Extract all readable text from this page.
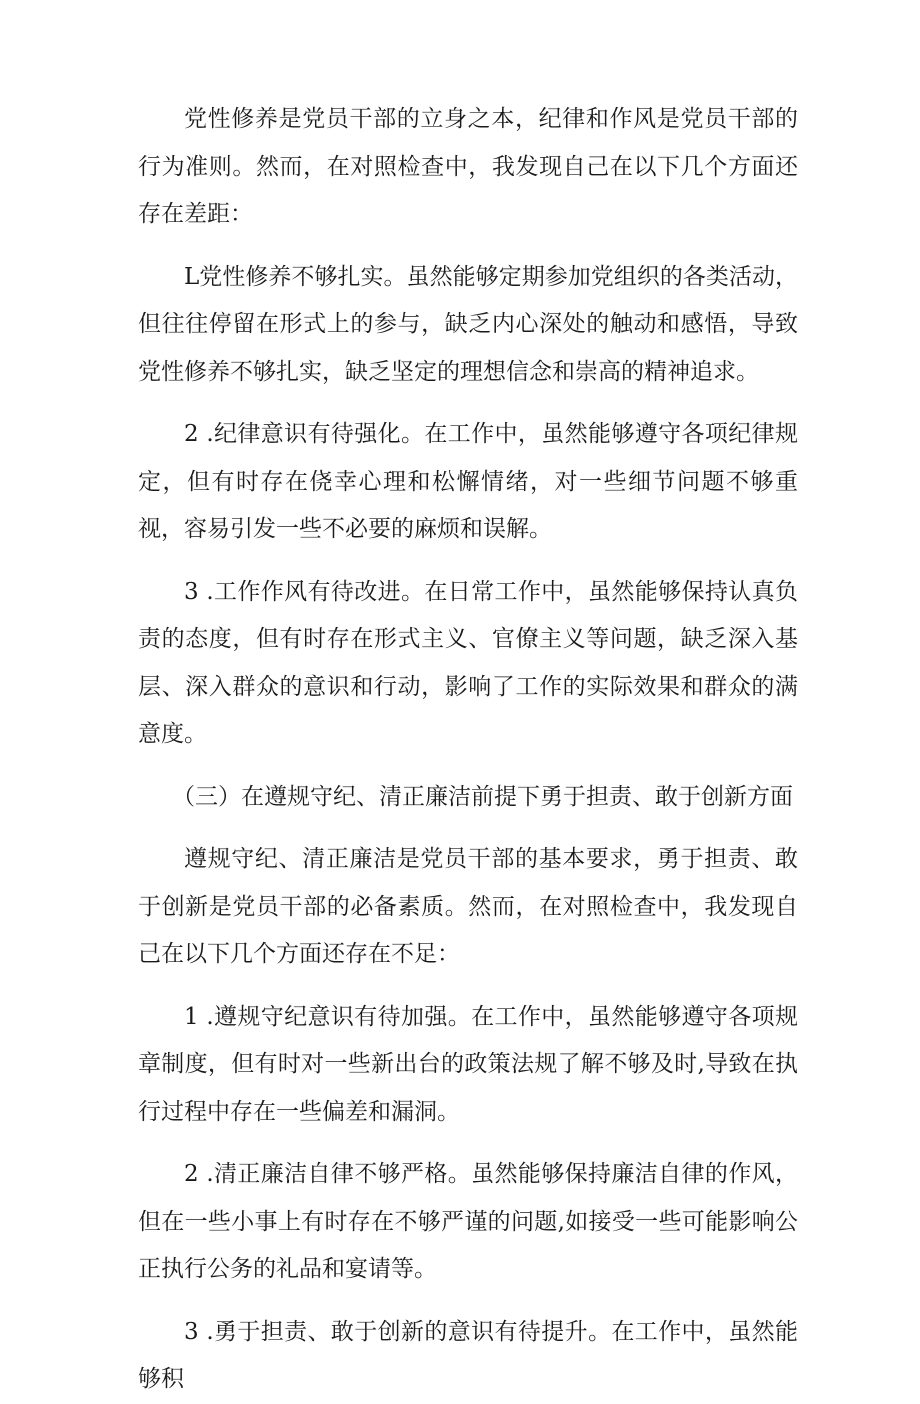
党性修养是党员干部的立身之本，纪律和作风是党员干部的行为准则。然而，在对照检查中，我发现自己在以下几个方面还存在差距：

L党性修养不够扎实。虽然能够定期参加党组织的各类活动，但往往停留在形式上的参与，缺乏内心深处的触动和感悟，导致党性修养不够扎实，缺乏坚定的理想信念和崇高的精神追求。

2 .纪律意识有待强化。在工作中，虽然能够遵守各项纪律规定，但有时存在侥幸心理和松懈情绪，对一些细节问题不够重视，容易引发一些不必要的麻烦和误解。

3 .工作作风有待改进。在日常工作中，虽然能够保持认真负责的态度，但有时存在形式主义、官僚主义等问题，缺乏深入基层、深入群众的意识和行动，影响了工作的实际效果和群众的满意度。

（三）在遵规守纪、清正廉洁前提下勇于担责、敢于创新方面

遵规守纪、清正廉洁是党员干部的基本要求，勇于担责、敢于创新是党员干部的必备素质。然而，在对照检查中，我发现自己在以下几个方面还存在不足：

1 .遵规守纪意识有待加强。在工作中，虽然能够遵守各项规章制度，但有时对一些新出台的政策法规了解不够及时,导致在执行过程中存在一些偏差和漏洞。

2 .清正廉洁自律不够严格。虽然能够保持廉洁自律的作风，但在一些小事上有时存在不够严谨的问题,如接受一些可能影响公正执行公务的礼品和宴请等。

3 .勇于担责、敢于创新的意识有待提升。在工作中，虽然能够积
